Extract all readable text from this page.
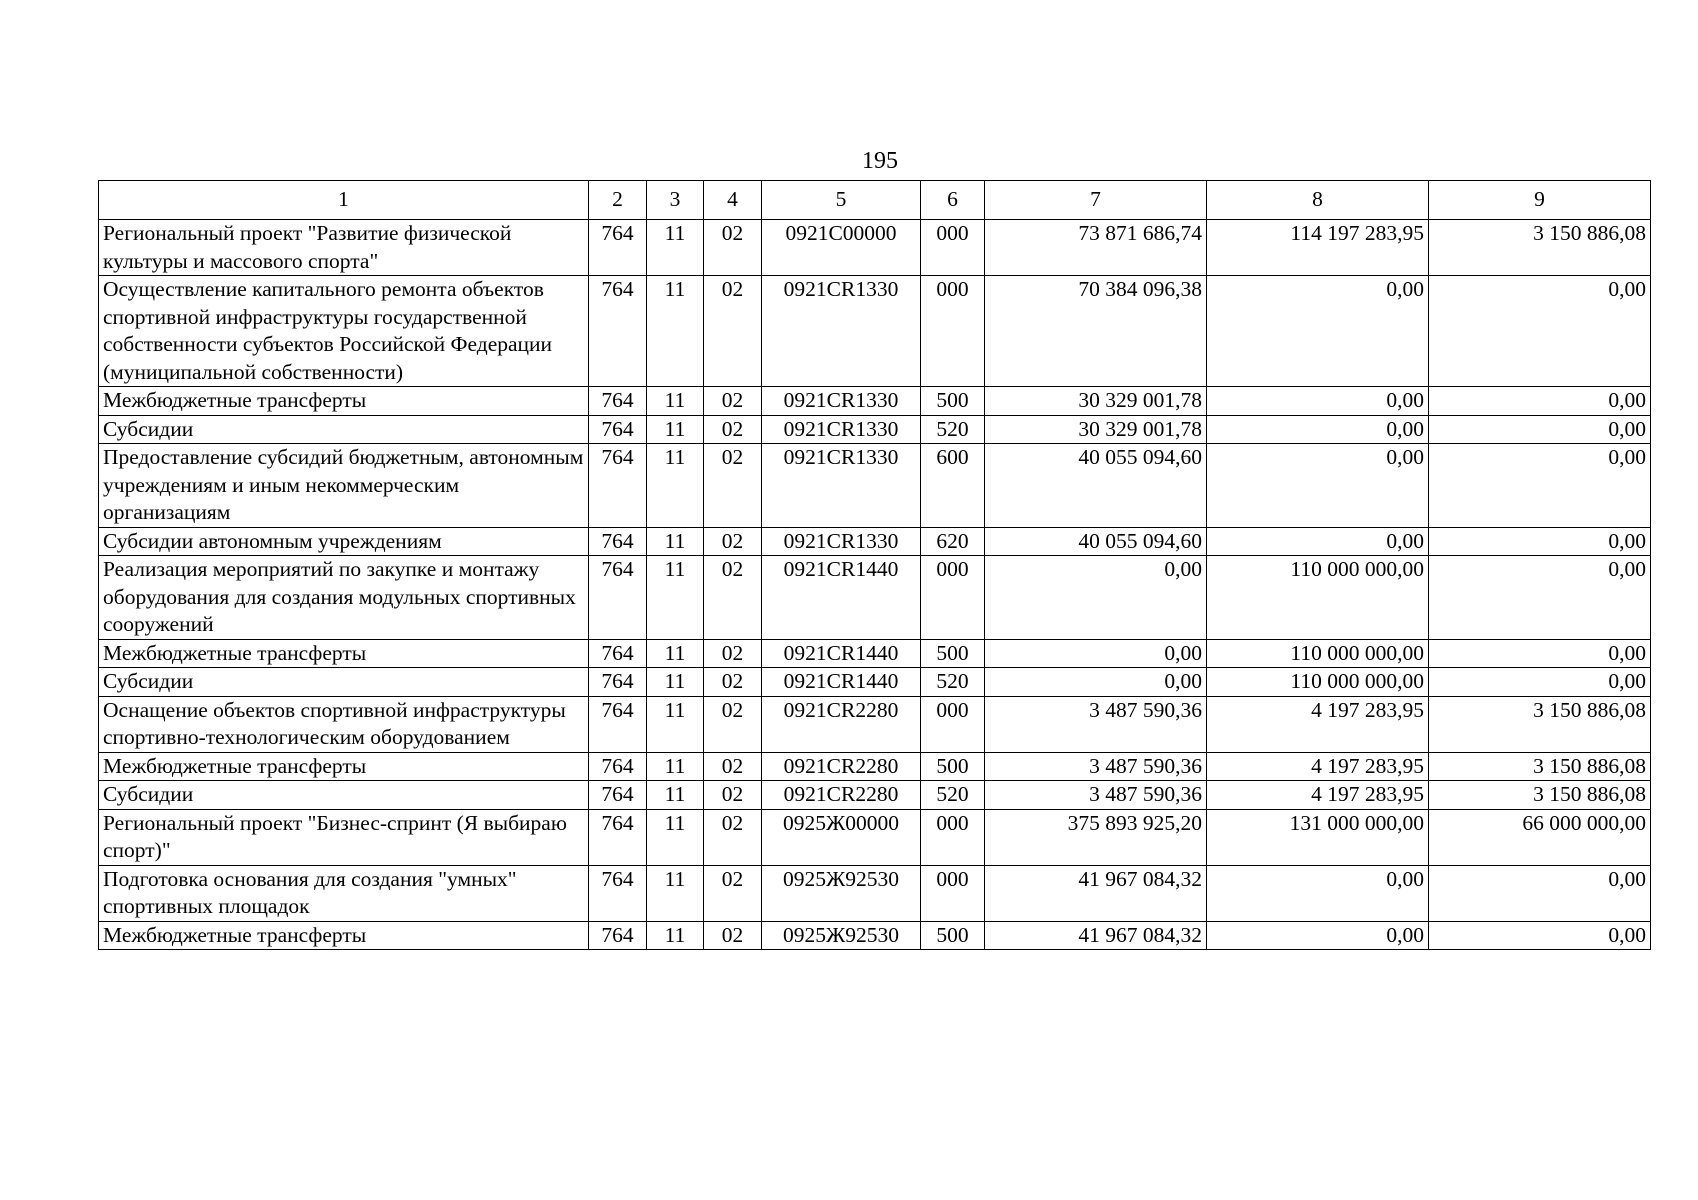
195
1	2	3	4	5	6	7	8	9
Региональный проект "Развитие физической культуры и массового спорта"	764	11	02	0921С00000	000	73 871 686,74	114 197 283,95	3 150 886,08
Осуществление капитального ремонта объектов спортивной инфраструктуры государственной собственности субъектов Российской Федерации (муниципальной собственности)	764	11	02	0921CR1330	000	70 384 096,38	0,00	0,00
Межбюджетные трансферты	764	11	02	0921CR1330	500	30 329 001,78	0,00	0,00
Субсидии	764	11	02	0921CR1330	520	30 329 001,78	0,00	0,00
Предоставление субсидий бюджетным, автономным учреждениям и иным некоммерческим организациям	764	11	02	0921CR1330	600	40 055 094,60	0,00	0,00
Субсидии автономным учреждениям	764	11	02	0921CR1330	620	40 055 094,60	0,00	0,00
Реализация мероприятий по закупке и монтажу оборудования для создания модульных спортивных сооружений	764	11	02	0921CR1440	000	0,00	110 000 000,00	0,00
Межбюджетные трансферты	764	11	02	0921CR1440	500	0,00	110 000 000,00	0,00
Субсидии	764	11	02	0921CR1440	520	0,00	110 000 000,00	0,00
Оснащение объектов спортивной инфраструктуры спортивно-технологическим оборудованием	764	11	02	0921CR2280	000	3 487 590,36	4 197 283,95	3 150 886,08
Межбюджетные трансферты	764	11	02	0921CR2280	500	3 487 590,36	4 197 283,95	3 150 886,08
Субсидии	764	11	02	0921CR2280	520	3 487 590,36	4 197 283,95	3 150 886,08
Региональный проект "Бизнес-спринт (Я выбираю спорт)"	764	11	02	0925Ж00000	000	375 893 925,20	131 000 000,00	66 000 000,00
Подготовка основания для создания "умных" спортивных площадок	764	11	02	0925Ж92530	000	41 967 084,32	0,00	0,00
Межбюджетные трансферты	764	11	02	0925Ж92530	500	41 967 084,32	0,00	0,00
